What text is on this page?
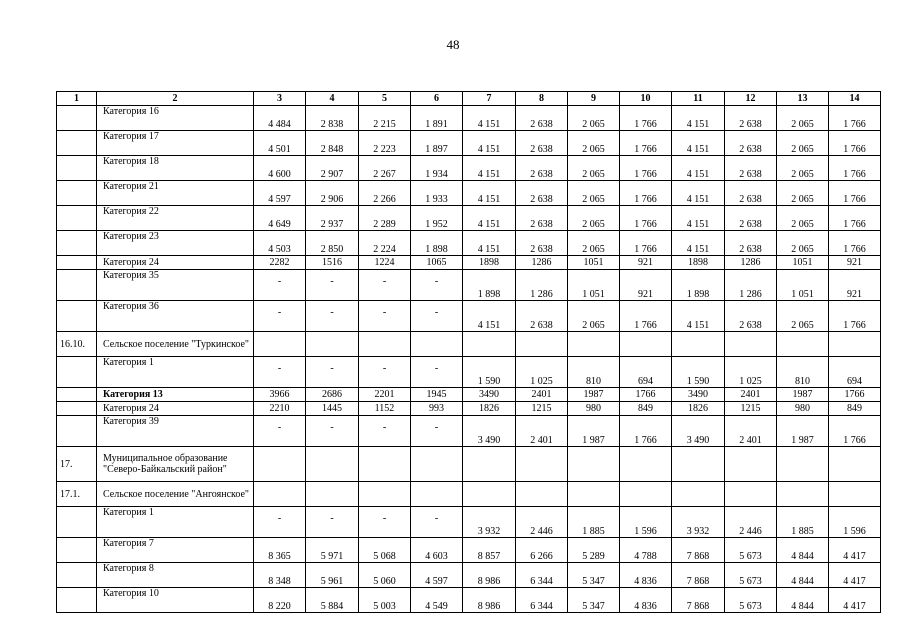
48
1	2	3	4	5	6	7	8	9	10	11	12	13	14
	Категория 16	4 484	2 838	2 215	1 891	4 151	2 638	2 065	1 766	4 151	2 638	2 065	1 766
	Категория 17	4 501	2 848	2 223	1 897	4 151	2 638	2 065	1 766	4 151	2 638	2 065	1 766
	Категория 18	4 600	2 907	2 267	1 934	4 151	2 638	2 065	1 766	4 151	2 638	2 065	1 766
	Категория 21	4 597	2 906	2 266	1 933	4 151	2 638	2 065	1 766	4 151	2 638	2 065	1 766
	Категория 22	4 649	2 937	2 289	1 952	4 151	2 638	2 065	1 766	4 151	2 638	2 065	1 766
	Категория 23	4 503	2 850	2 224	1 898	4 151	2 638	2 065	1 766	4 151	2 638	2 065	1 766
	Категория 24	2282	1516	1224	1065	1898	1286	1051	921	1898	1286	1051	921
	Категория 35	-	-	-	-	1 898	1 286	1 051	921	1 898	1 286	1 051	921
	Категория 36	-	-	-	-	4 151	2 638	2 065	1 766	4 151	2 638	2 065	1 766
16.10.	Сельское поселение "Туркинское"												
	Категория 1	-	-	-	-	1 590	1 025	810	694	1 590	1 025	810	694
	Категория 13	3966	2686	2201	1945	3490	2401	1987	1766	3490	2401	1987	1766
	Категория 24	2210	1445	1152	993	1826	1215	980	849	1826	1215	980	849
	Категория 39	-	-	-	-	3 490	2 401	1 987	1 766	3 490	2 401	1 987	1 766
17.	Муниципальное образование "Северо-Байкальский район"												
17.1.	Сельское поселение "Ангоянское"												
	Категория 1	-	-	-	-	3 932	2 446	1 885	1 596	3 932	2 446	1 885	1 596
	Категория 7	8 365	5 971	5 068	4 603	8 857	6 266	5 289	4 788	7 868	5 673	4 844	4 417
	Категория 8	8 348	5 961	5 060	4 597	8 986	6 344	5 347	4 836	7 868	5 673	4 844	4 417
	Категория 10	8 220	5 884	5 003	4 549	8 986	6 344	5 347	4 836	7 868	5 673	4 844	4 417
